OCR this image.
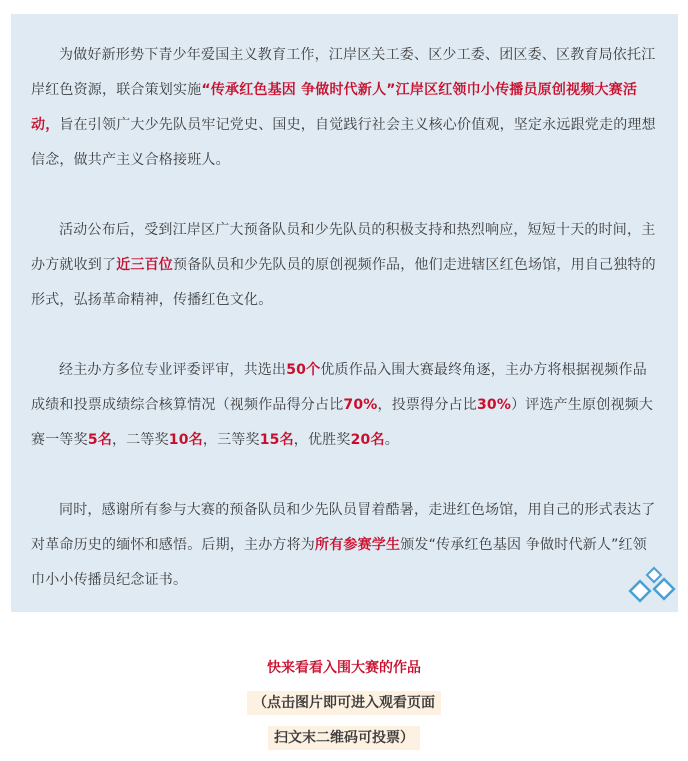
为做好新形势下青少年爱国主义教育工作，江岸区关工委、区少工委、团区委、区教育局依托江岸红色资源，联合策划实施“传承红色基因 争做时代新人”江岸区红领巾小传播员原创视频大赛活动，旨在引领广大少先队员牢记党史、国史，自觉践行社会主义核心价值观，坚定永远跟党走的理想信念，做共产主义合格接班人。

活动公布后，受到江岸区广大预备队员和少先队员的积极支持和热烈响应，短短十天的时间，主办方就收到了近三百位预备队员和少先队员的原创视频作品，他们走进辖区红色场馆，用自己独特的形式，弘扬革命精神，传播红色文化。

经主办方多位专业评委评审，共选出50个优质作品入围大赛最终角逐，主办方将根据视频作品成绩和投票成绩综合核算情况（视频作品得分占比70%，投票得分占比30%）评选产生原创视频大赛一等奖5名，二等奖10名，三等奖15名，优胜奖20名。

同时，感谢所有参与大赛的预备队员和少先队员冒着酷暑，走进红色场馆，用自己的形式表达了对革命历史的缅怀和感悟。后期，主办方将为所有参赛学生颁发“传承红色基因 争做时代新人”红领巾小小传播员纪念证书。

快来看看入围大赛的作品
（点击图片即可进入观看页面
扫文末二维码可投票）
